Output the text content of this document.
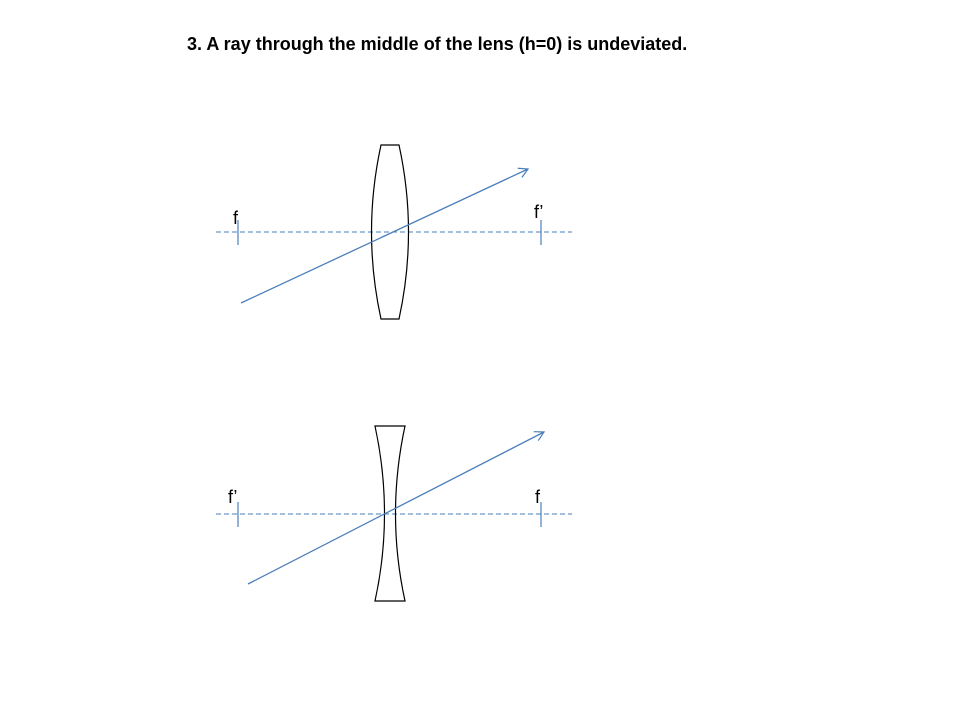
3. A ray through the middle of the lens (h=0) is undeviated.
f	f’
f’	f
